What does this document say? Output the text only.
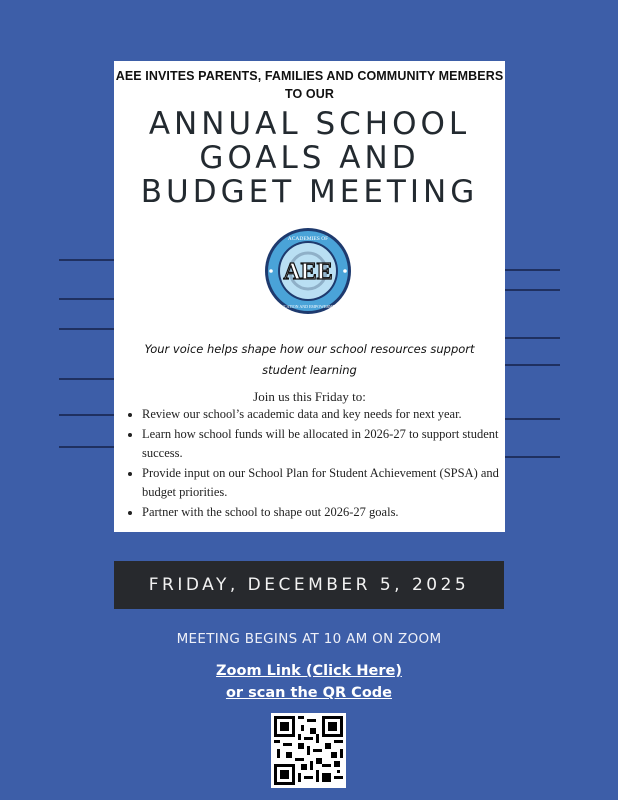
AEE INVITES PARENTS, FAMILIES AND COMMUNITY MEMBERS
TO OUR
ANNUAL SCHOOL
GOALS AND
BUDGET MEETING
AEE
ACADEMIES OF
EDUCATION AND EMPOWERMENT
Your voice helps shape how our school resources support student learning
Join us this Friday to:
• Review our school’s academic data and key needs for next year.
• Learn how school funds will be allocated in 2026-27 to support student success.
• Provide input on our School Plan for Student Achievement (SPSA) and budget priorities.
• Partner with the school to shape out 2026-27 goals.
FRIDAY, DECEMBER 5, 2025
MEETING BEGINS AT 10 AM ON ZOOM
Zoom Link (Click Here)
or scan the QR Code
